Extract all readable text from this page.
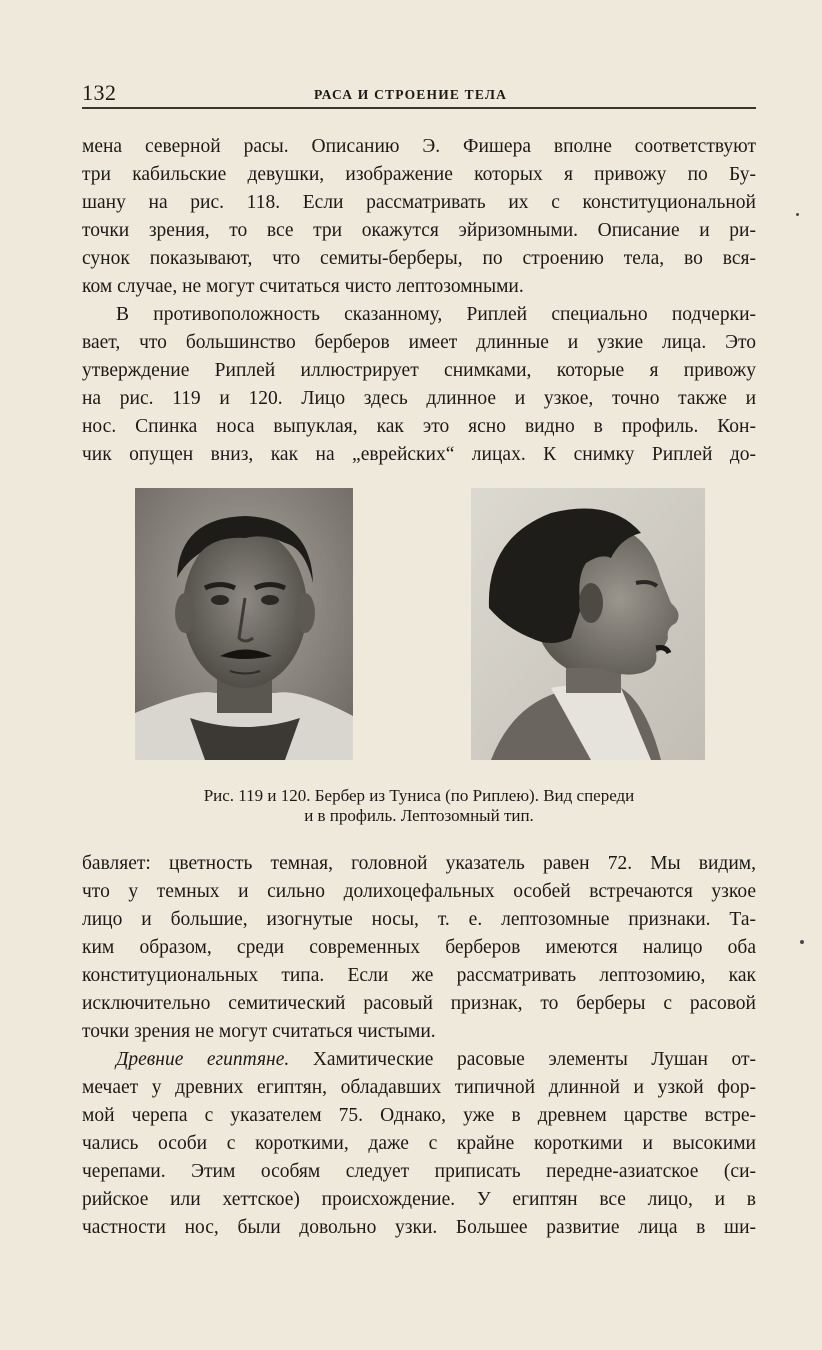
132	РАСА И СТРОЕНИЕ ТЕЛА
мена северной расы. Описанию Э. Фишера вполне соответствуют
три кабильские девушки, изображение которых я привожу по Бу-
шану на рис. 118. Если рассматривать их с конституциональной
точки зрения, то все три окажутся эйризомными. Описание и ри-
сунок показывают, что семиты-берберы, по строению тела, во вся-
ком случае, не могут считаться чисто лептозомными.
В противоположность сказанному, Риплей специально подчерки-
вает, что большинство берберов имеет длинные и узкие лица. Это
утверждение Риплей иллюстрирует снимками, которые я привожу
на рис. 119 и 120. Лицо здесь длинное и узкое, точно также и
нос. Спинка носа выпуклая, как это ясно видно в профиль. Кон-
чик опущен вниз, как на „еврейских“ лицах. К снимку Риплей до-
Рис. 119 и 120. Бербер из Туниса (по Риплею). Вид спереди
и в профиль. Лептозомный тип.
бавляет: цветность темная, головной указатель равен 72. Мы видим,
что у темных и сильно долихоцефальных особей встречаются узкое
лицо и большие, изогнутые носы, т. е. лептозомные признаки. Та-
ким образом, среди современных берберов имеются налицо оба
конституциональных типа. Если же рассматривать лептозомию, как
исключительно семитический расовый признак, то берберы с расовой
точки зрения не могут считаться чистыми.
Древние египтяне. Хамитические расовые элементы Лушан от-
мечает у древних египтян, обладавших типичной длинной и узкой фор-
мой черепа с указателем 75. Однако, уже в древнем царстве встре-
чались особи с короткими, даже с крайне короткими и высокими
черепами. Этим особям следует приписать передне-азиатское (си-
рийское или хеттское) происхождение. У египтян все лицо, и в
частности нос, были довольно узки. Большее развитие лица в ши-
